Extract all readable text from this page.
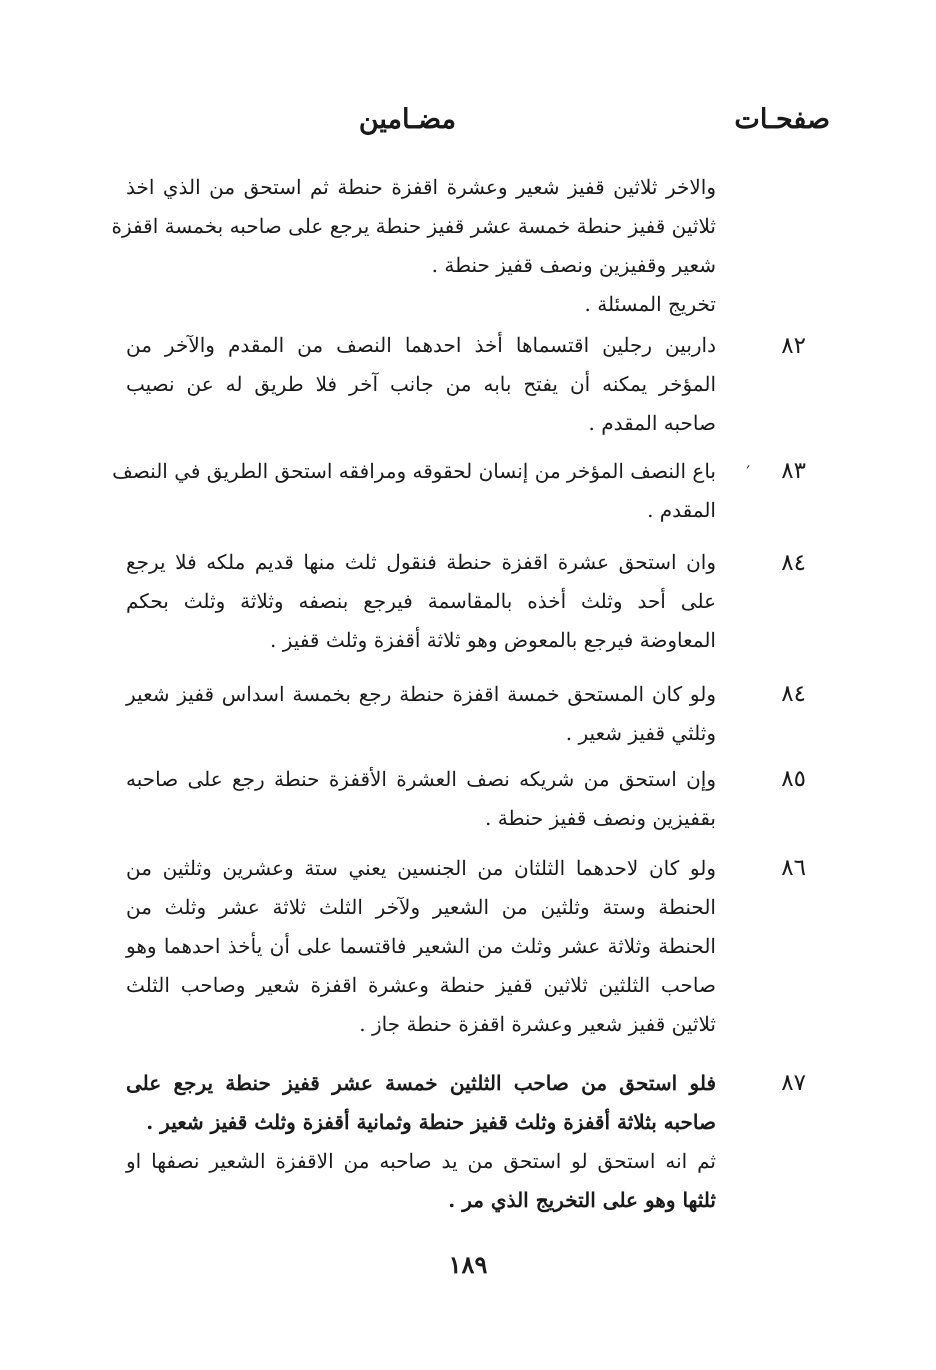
صفحـات
مضـامين
والاخر ثلاثين قفيز شعير وعشرة اقفزة حنطة ثم استحق من الذي اخذ
ثلاثين قفيز حنطة خمسة عشر قفيز حنطة يرجع على صاحبه بخمسة اقفزة
شعير وقفيزين ونصف قفيز حنطة .
تخريج المسئلة .
٨٢
داربين رجلين اقتسماها أخذ احدهما النصف من المقدم والآخر من
المؤخر يمكنه أن يفتح بابه من جانب آخر فلا طريق له عن نصيب
صاحبه المقدم .
٨٣
′
باع النصف المؤخر من إنسان لحقوقه ومرافقه استحق الطريق في النصف
المقدم .
٨٤
وان استحق عشرة اقفزة حنطة فنقول ثلث منها قديم ملكه فلا يرجع
على أحد وثلث أخذه بالمقاسمة فيرجع بنصفه وثلاثة وثلث بحكم
المعاوضة فيرجع بالمعوض وهو ثلاثة أقفزة وثلث قفيز .
٨٤
ولو كان المستحق خمسة اقفزة حنطة رجع بخمسة اسداس قفيز شعير
وثلثي قفيز شعير .
٨٥
وإن استحق من شريكه نصف العشرة الأقفزة حنطة رجع على صاحبه
بقفيزين ونصف قفيز حنطة .
٨٦
ولو كان لاحدهما الثلثان من الجنسين يعني ستة وعشرين وثلثين من
الحنطة وستة وثلثين من الشعير ولآخر الثلث ثلاثة عشر وثلث من
الحنطة وثلاثة عشر وثلث من الشعير فاقتسما على أن يأخذ احدهما وهو
صاحب الثلثين ثلاثين قفيز حنطة وعشرة اقفزة شعير وصاحب الثلث
ثلاثين قفيز شعير وعشرة اقفزة حنطة جاز .
٨٧
فلو استحق من صاحب الثلثين خمسة عشر قفيز حنطة يرجع على
صاحبه بثلاثة أقفزة وثلث قفيز حنطة وثمانية أقفزة وثلث قفيز شعير .
ثم انه استحق لو استحق من يد صاحبه من الاقفزة الشعير نصفها او
ثلثها وهو على التخريج الذي مر .
١٨٩
